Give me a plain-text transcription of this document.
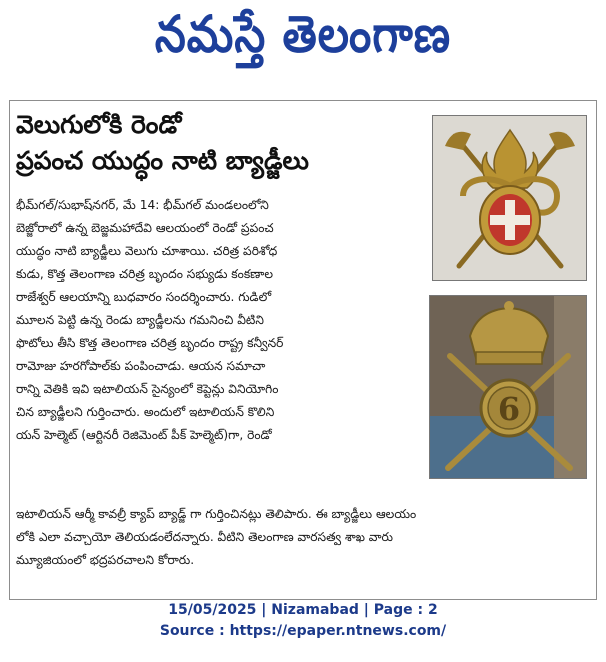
నమస్తే తెలంగాణ
వెలుగులోకి రెండో
ప్రపంచ యుద్ధం నాటి బ్యాడ్జీలు
6

భీమ్‌గల్/సుభాష్‌నగర్, మే 14: భీమ్‌గల్ మండలంలోని

బెజ్జోరాలో ఉన్న బెజ్జమహాదేవి ఆలయంలో రెండో ప్రపంచ

యుద్ధం నాటి బ్యాడ్జీలు వెలుగు చూశాయి. చరిత్ర పరిశోధ

కుడు, కొత్త తెలంగాణ చరిత్ర బృందం సభ్యుడు కంకణాల

రాజేశ్వర్ ఆలయాన్ని బుధవారం సందర్శించారు. గుడిలో

మూలన పెట్టి ఉన్న రెండు బ్యాడ్జీలను గమనించి వీటిని

ఫొటోలు తీసి కొత్త తెలంగాణ చరిత్ర బృందం రాష్ట్ర కన్వీనర్

రామోజు హరగోపాల్‌కు పంపించాడు. ఆయన సమాచా

రాన్ని వెతికి ఇవి ఇటాలియన్ సైన్యంలో కెప్టెన్లు వినియోగిం

చిన బ్యాడ్జీలని గుర్తించారు. అందులో ఇటాలియన్ కొలిని

యన్ హెల్మెట్ (ఆర్టినరీ రెజిమెంట్ పీక్ హెల్మెట్)గా, రెండో

ఇటాలియన్ ఆర్మీ కావల్రీ క్యాప్ బ్యాడ్జ్ గా గుర్తించినట్లు తెలిపారు. ఈ బ్యాడ్జీలు ఆలయం

లోకి ఎలా వచ్చాయో తెలియడంలేదన్నారు. వీటిని తెలంగాణ వారసత్వ శాఖ వారు

మ్యూజియంలో భద్రపరచాలని కోరారు.

15/05/2025 | Nizamabad | Page : 2
Source : https://epaper.ntnews.com/
